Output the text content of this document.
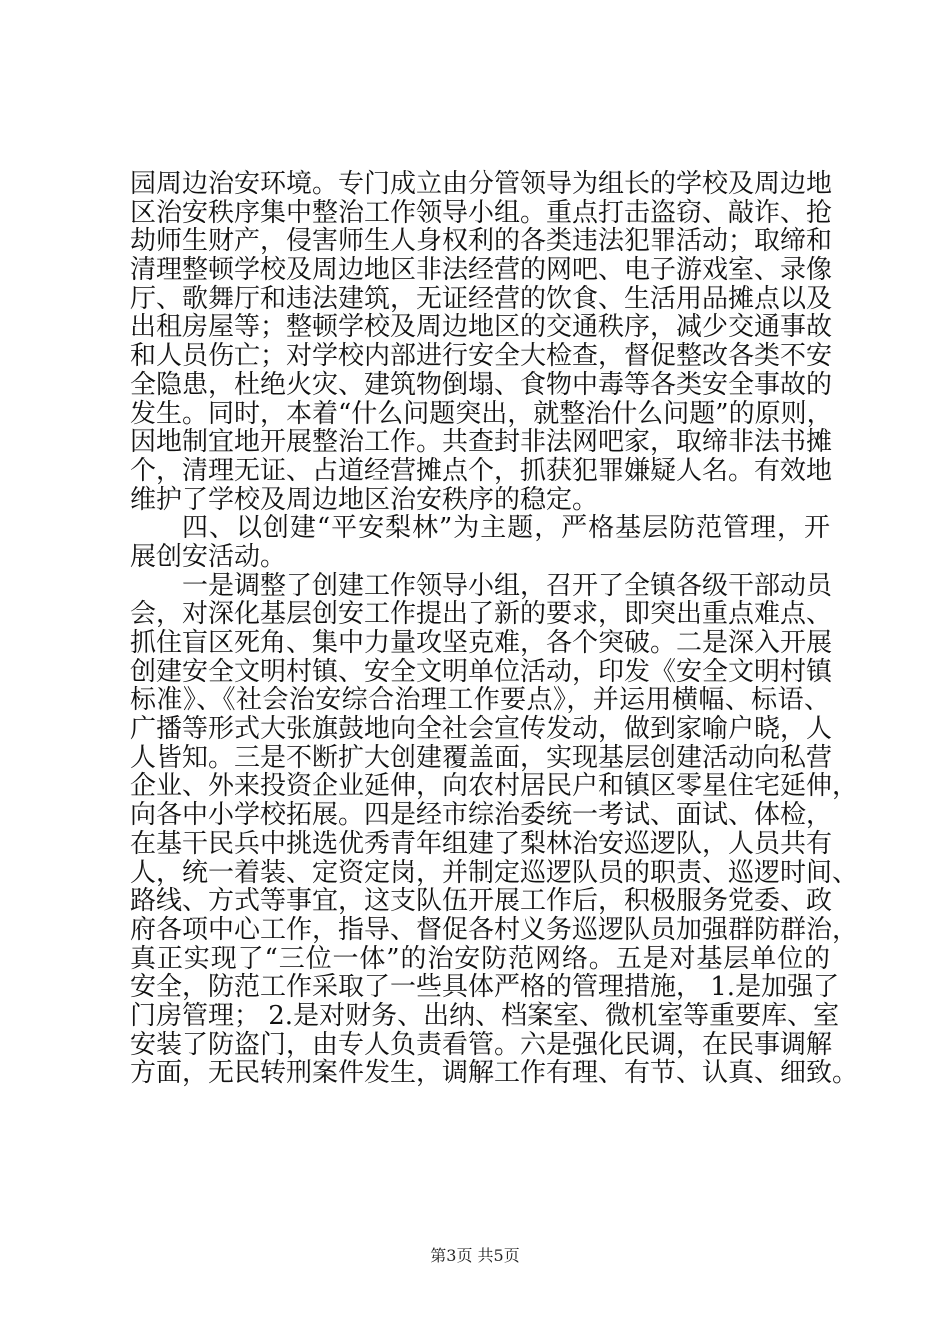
园周边治安环境。专门成立由分管领导为组长的学校及周边地
区治安秩序集中整治工作领导小组。重点打击盗窃、敲诈、抢
劫师生财产，侵害师生人身权利的各类违法犯罪活动；取缔和
清理整顿学校及周边地区非法经营的网吧、电子游戏室、录像
厅、歌舞厅和违法建筑，无证经营的饮食、生活用品摊点以及
出租房屋等；整顿学校及周边地区的交通秩序，减少交通事故
和人员伤亡；对学校内部进行安全大检查，督促整改各类不安
全隐患，杜绝火灾、建筑物倒塌、食物中毒等各类安全事故的
发生。同时，本着“什么问题突出，就整治什么问题”的原则，
因地制宜地开展整治工作。共查封非法网吧家，取缔非法书摊
个，清理无证、占道经营摊点个，抓获犯罪嫌疑人名。有效地
维护了学校及周边地区治安秩序的稳定。
四、以创建“平安梨林”为主题，严格基层防范管理，开
展创安活动。
一是调整了创建工作领导小组，召开了全镇各级干部动员
会，对深化基层创安工作提出了新的要求，即突出重点难点、
抓住盲区死角、集中力量攻坚克难，各个突破。二是深入开展
创建安全文明村镇、安全文明单位活动，印发《安全文明村镇
标准》、《社会治安综合治理工作要点》，并运用横幅、标语、
广播等形式大张旗鼓地向全社会宣传发动，做到家喻户晓，人
人皆知。三是不断扩大创建覆盖面，实现基层创建活动向私营
企业、外来投资企业延伸，向农村居民户和镇区零星住宅延伸，
向各中小学校拓展。四是经市综治委统一考试、面试、体检，
在基干民兵中挑选优秀青年组建了梨林治安巡逻队，人员共有
人，统一着装、定资定岗，并制定巡逻队员的职责、巡逻时间、
路线、方式等事宜，这支队伍开展工作后，积极服务党委、政
府各项中心工作，指导、督促各村义务巡逻队员加强群防群治，
真正实现了“三位一体”的治安防范网络。五是对基层单位的
安全，防范工作采取了一些具体严格的管理措施， 1.是加强了
门房管理； 2.是对财务、出纳、档案室、微机室等重要库、室
安装了防盗门，由专人负责看管。六是强化民调，在民事调解
方面，无民转刑案件发生，调解工作有理、有节、认真、细致。
第3页 共5页
